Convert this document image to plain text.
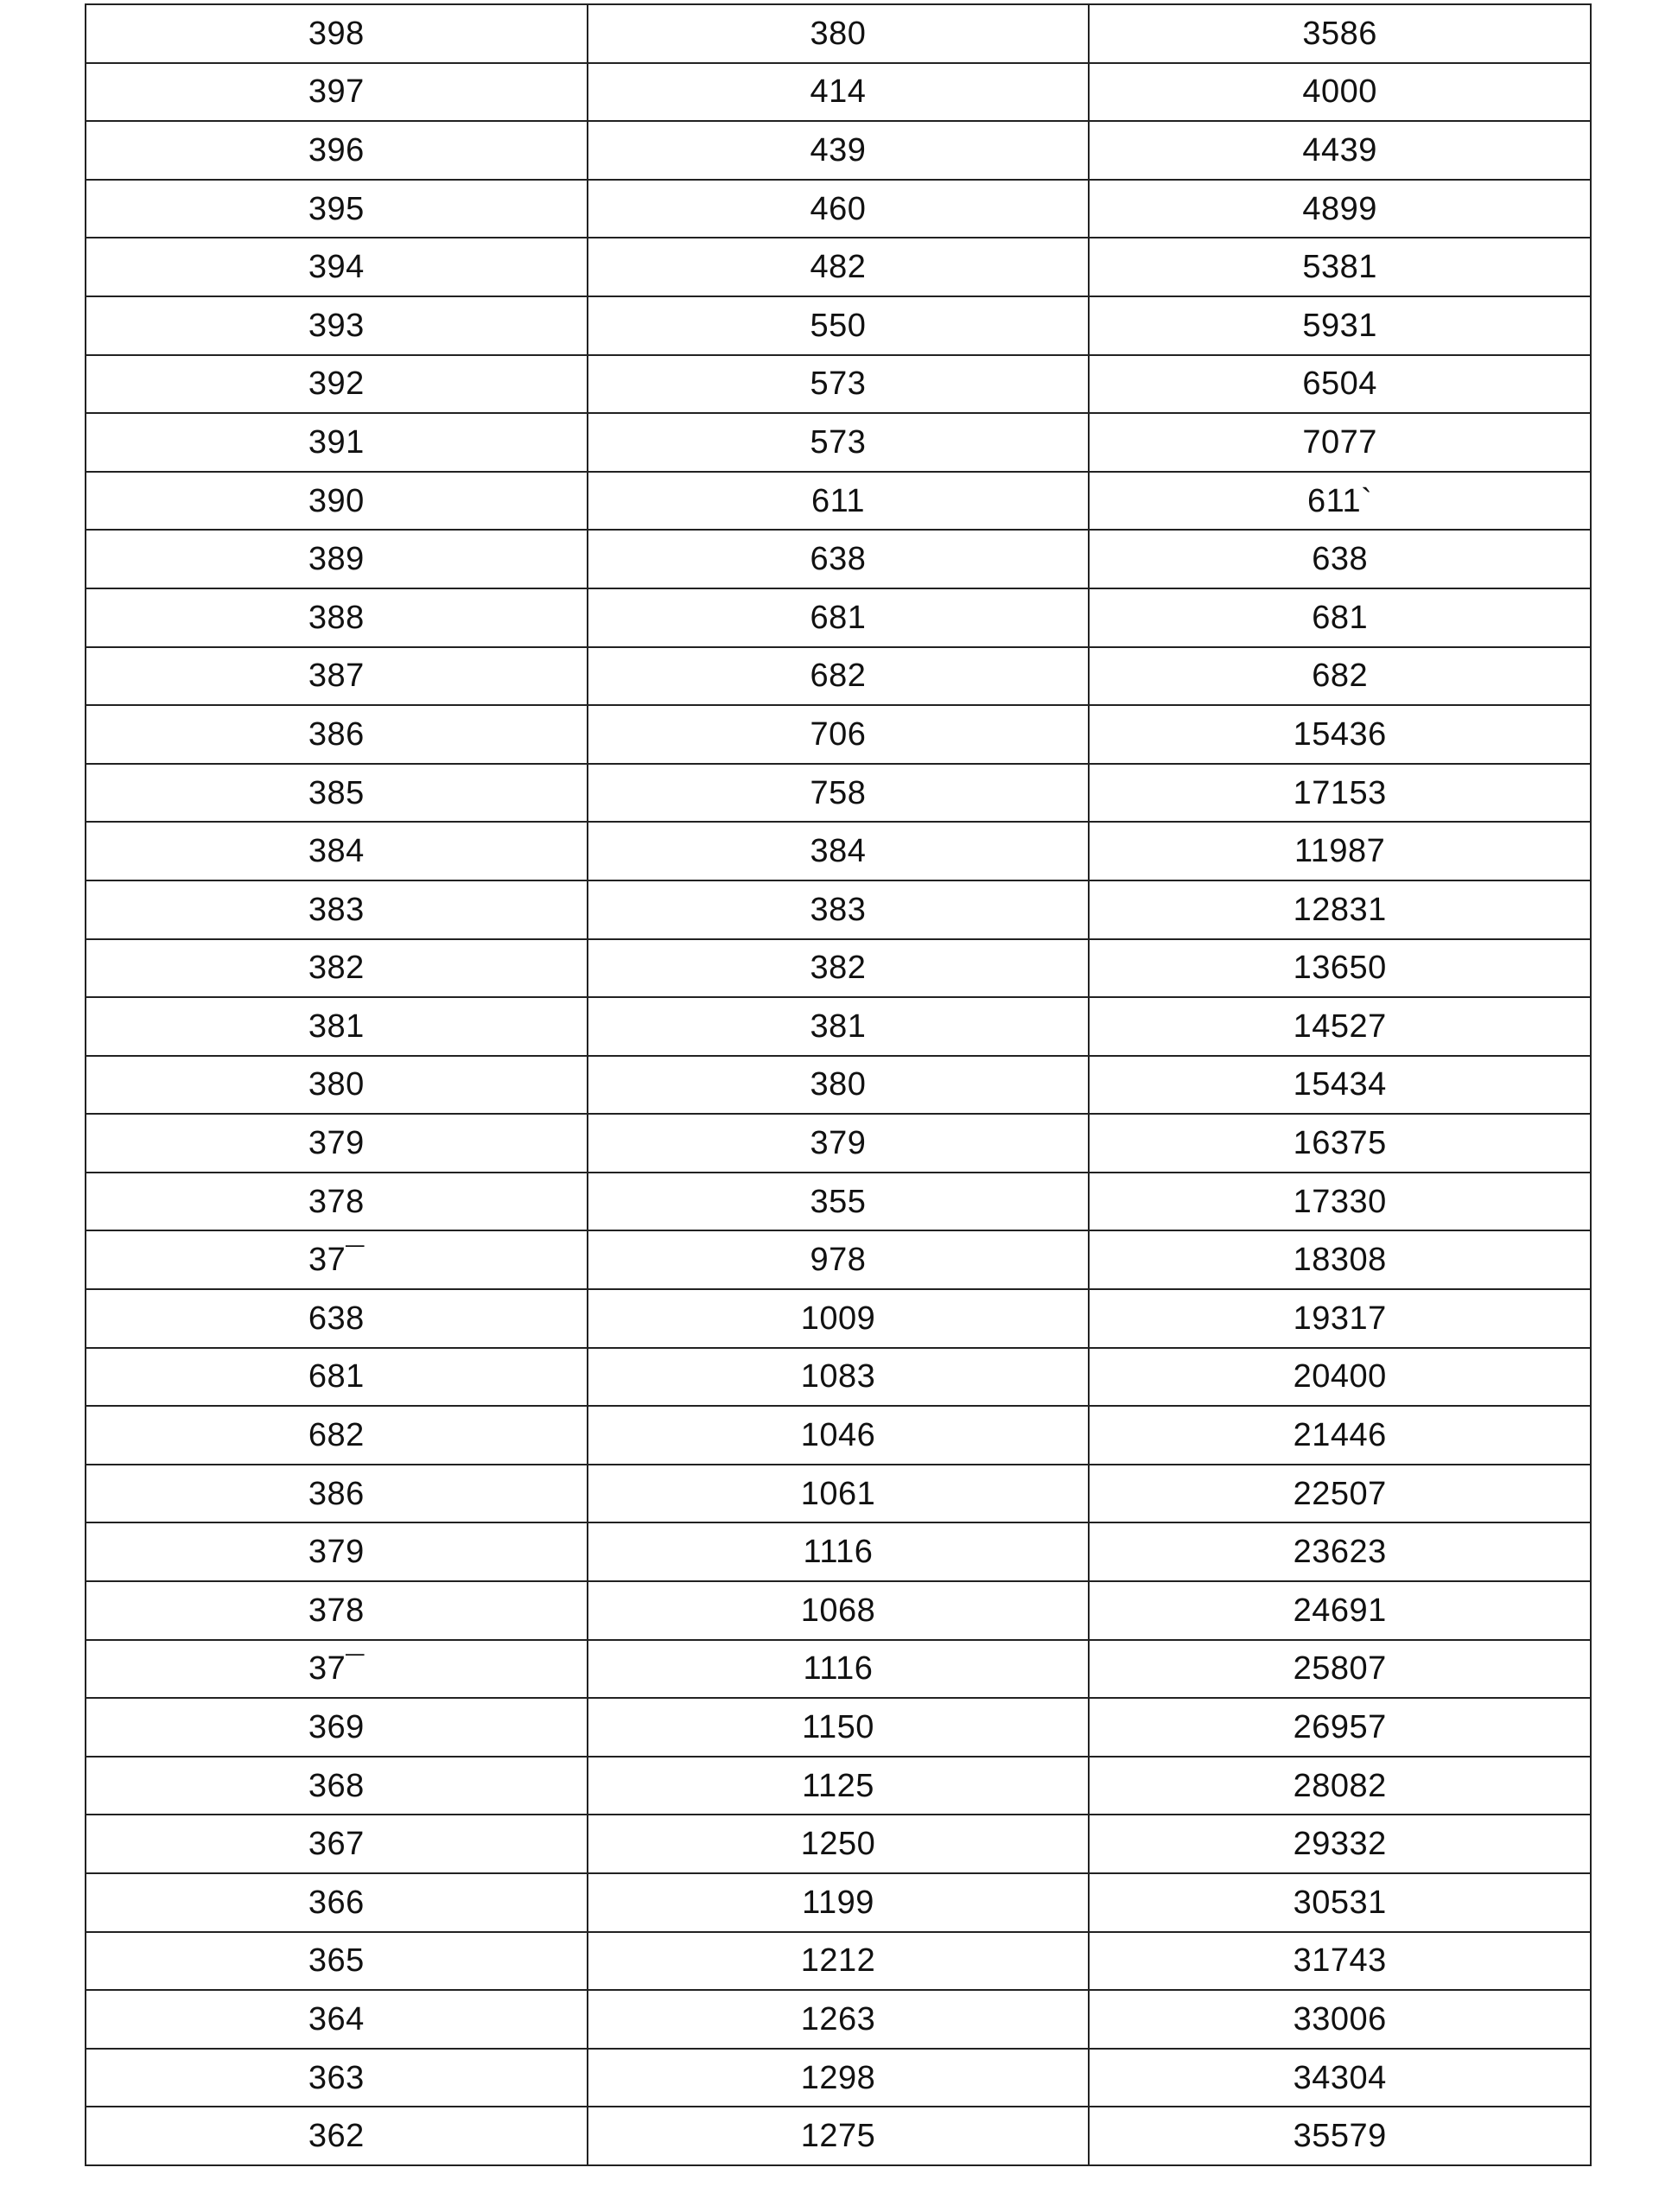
398	380	3586
397	414	4000
396	439	4439
395	460	4899
394	482	5381
393	550	5931
392	573	6504
391	573	7077
390	611	611`
389	638	638
388	681	681
387	682	682
386	706	15436
385	758	17153
384	384	11987
383	383	12831
382	382	13650
381	381	14527
380	380	15434
379	379	16375
378	355	17330
37¯	978	18308
638	1009	19317
681	1083	20400
682	1046	21446
386	1061	22507
379	1116	23623
378	1068	24691
37¯	1116	25807
369	1150	26957
368	1125	28082
367	1250	29332
366	1199	30531
365	1212	31743
364	1263	33006
363	1298	34304
362	1275	35579
